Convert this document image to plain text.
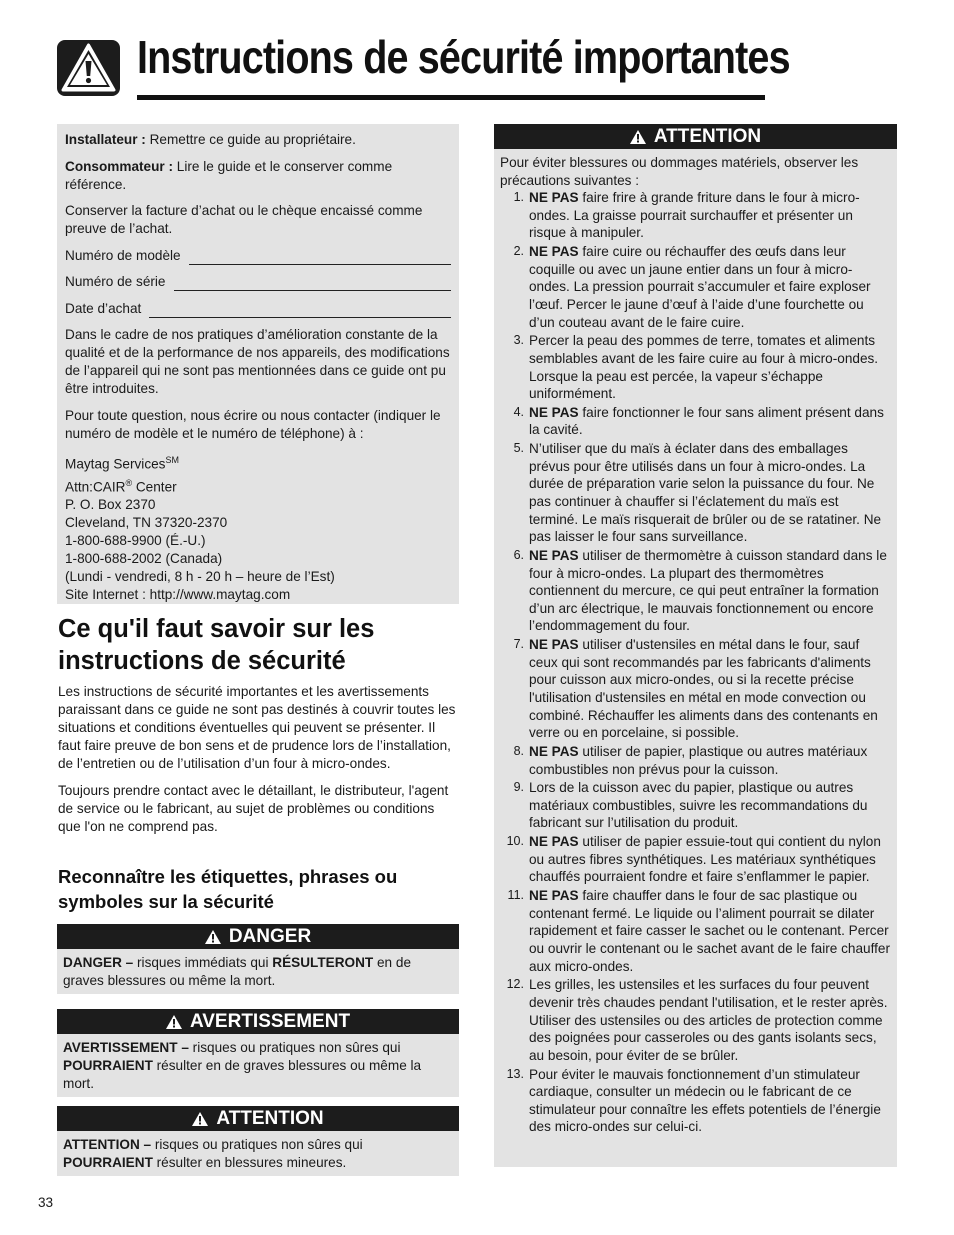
Instructions de sécurité importantes

Installateur : Remettre ce guide au propriétaire.

Consommateur : Lire le guide et le conserver comme référence.

Conserver la facture d’achat ou le chèque encaissé comme preuve de l’achat.

Numéro de modèle
Numéro de série
Date d’achat

Dans le cadre de nos pratiques d’amélioration constante de la qualité et de la performance de nos appareils, des modifications de l’appareil qui ne sont pas mentionnées dans ce guide ont pu être introduites.

Pour toute question, nous écrire ou nous contacter (indiquer le numéro de modèle et le numéro de téléphone) à :

Maytag Services℠
Attn:CAIR® Center
P. O. Box 2370
Cleveland, TN 37320-2370
1-800-688-9900 (É.-U.)
1-800-688-2002 (Canada)
(Lundi - vendredi, 8 h - 20 h – heure de l’Est)
Site Internet : http://www.maytag.com
Ce qu'il faut savoir sur les instructions de sécurité

Les instructions de sécurité importantes et les avertissements paraissant dans ce guide ne sont pas destinés à couvrir toutes les situations et conditions éventuelles qui peuvent se présenter. Il faut faire preuve de bon sens et de prudence lors de l’installation, de l’entretien ou de l’utilisation d’un four à micro-ondes.

Toujours prendre contact avec le détaillant, le distributeur, l'agent de service ou le fabricant, au sujet de problèmes ou conditions que l'on ne comprend pas.

Reconnaître les étiquettes, phrases ou symboles sur la sécurité
DANGER
DANGER – risques immédiats qui RÉSULTERONT en de graves blessures ou même la mort.
AVERTISSEMENT
AVERTISSEMENT – risques ou pratiques non sûres qui POURRAIENT résulter en de graves blessures ou même la mort.
ATTENTION
ATTENTION – risques ou pratiques non sûres qui POURRAIENT résulter en blessures mineures.
ATTENTION
Pour éviter blessures ou dommages matériels, observer les précautions suivantes :
1. NE PAS faire frire à grande friture dans le four à micro-ondes. La graisse pourrait surchauffer et présenter un risque à manipuler.
2. NE PAS faire cuire ou réchauffer des œufs dans leur coquille ou avec un jaune entier dans un four à micro-ondes. La pression pourrait s’accumuler et faire exploser l’œuf. Percer le jaune d’œuf à l’aide d’une fourchette ou d’un couteau avant de le faire cuire.
3. Percer la peau des pommes de terre, tomates et aliments semblables avant de les faire cuire au four à micro-ondes. Lorsque la peau est percée, la vapeur s’échappe uniformément.
4. NE PAS faire fonctionner le four sans aliment présent dans la cavité.
5. N’utiliser que du maïs à éclater dans des emballages prévus pour être utilisés dans un four à micro-ondes. La durée de préparation varie selon la puissance du four. Ne pas continuer à chauffer si l’éclatement du maïs est terminé. Le maïs risquerait de brûler ou de se ratatiner. Ne pas laisser le four sans surveillance.
6. NE PAS utiliser de thermomètre à cuisson standard dans le four à micro-ondes. La plupart des thermomètres contiennent du mercure, ce qui peut entraîner la formation d’un arc électrique, le mauvais fonctionnement ou encore l’endommagement du four.
7. NE PAS utiliser d'ustensiles en métal dans le four, sauf ceux qui sont recommandés par les fabricants d'aliments pour cuisson aux micro-ondes, ou si la recette précise l'utilisation d'ustensiles en métal en mode convection ou combiné. Réchauffer les aliments dans des contenants en verre ou en porcelaine, si possible.
8. NE PAS utiliser de papier, plastique ou autres matériaux combustibles non prévus pour la cuisson.
9. Lors de la cuisson avec du papier, plastique ou autres matériaux combustibles, suivre les recommandations du fabricant sur l’utilisation du produit.
10. NE PAS utiliser de papier essuie-tout qui contient du nylon ou autres fibres synthétiques. Les matériaux synthétiques chauffés pourraient fondre et faire s’enflammer le papier.
11. NE PAS faire chauffer dans le four de sac plastique ou contenant fermé. Le liquide ou l’aliment pourrait se dilater rapidement et faire casser le sachet ou le contenant. Percer ou ouvrir le contenant ou le sachet avant de le faire chauffer aux micro-ondes.
12. Les grilles, les ustensiles et les surfaces du four peuvent devenir très chaudes pendant l'utilisation, et le rester après. Utiliser des ustensiles ou des articles de protection comme des poignées pour casseroles ou des gants isolants secs, au besoin, pour éviter de se brûler.
13. Pour éviter le mauvais fonctionnement d’un stimulateur cardiaque, consulter un médecin ou le fabricant de ce stimulateur pour connaître les effets potentiels de l’énergie des micro-ondes sur celui-ci.
33
